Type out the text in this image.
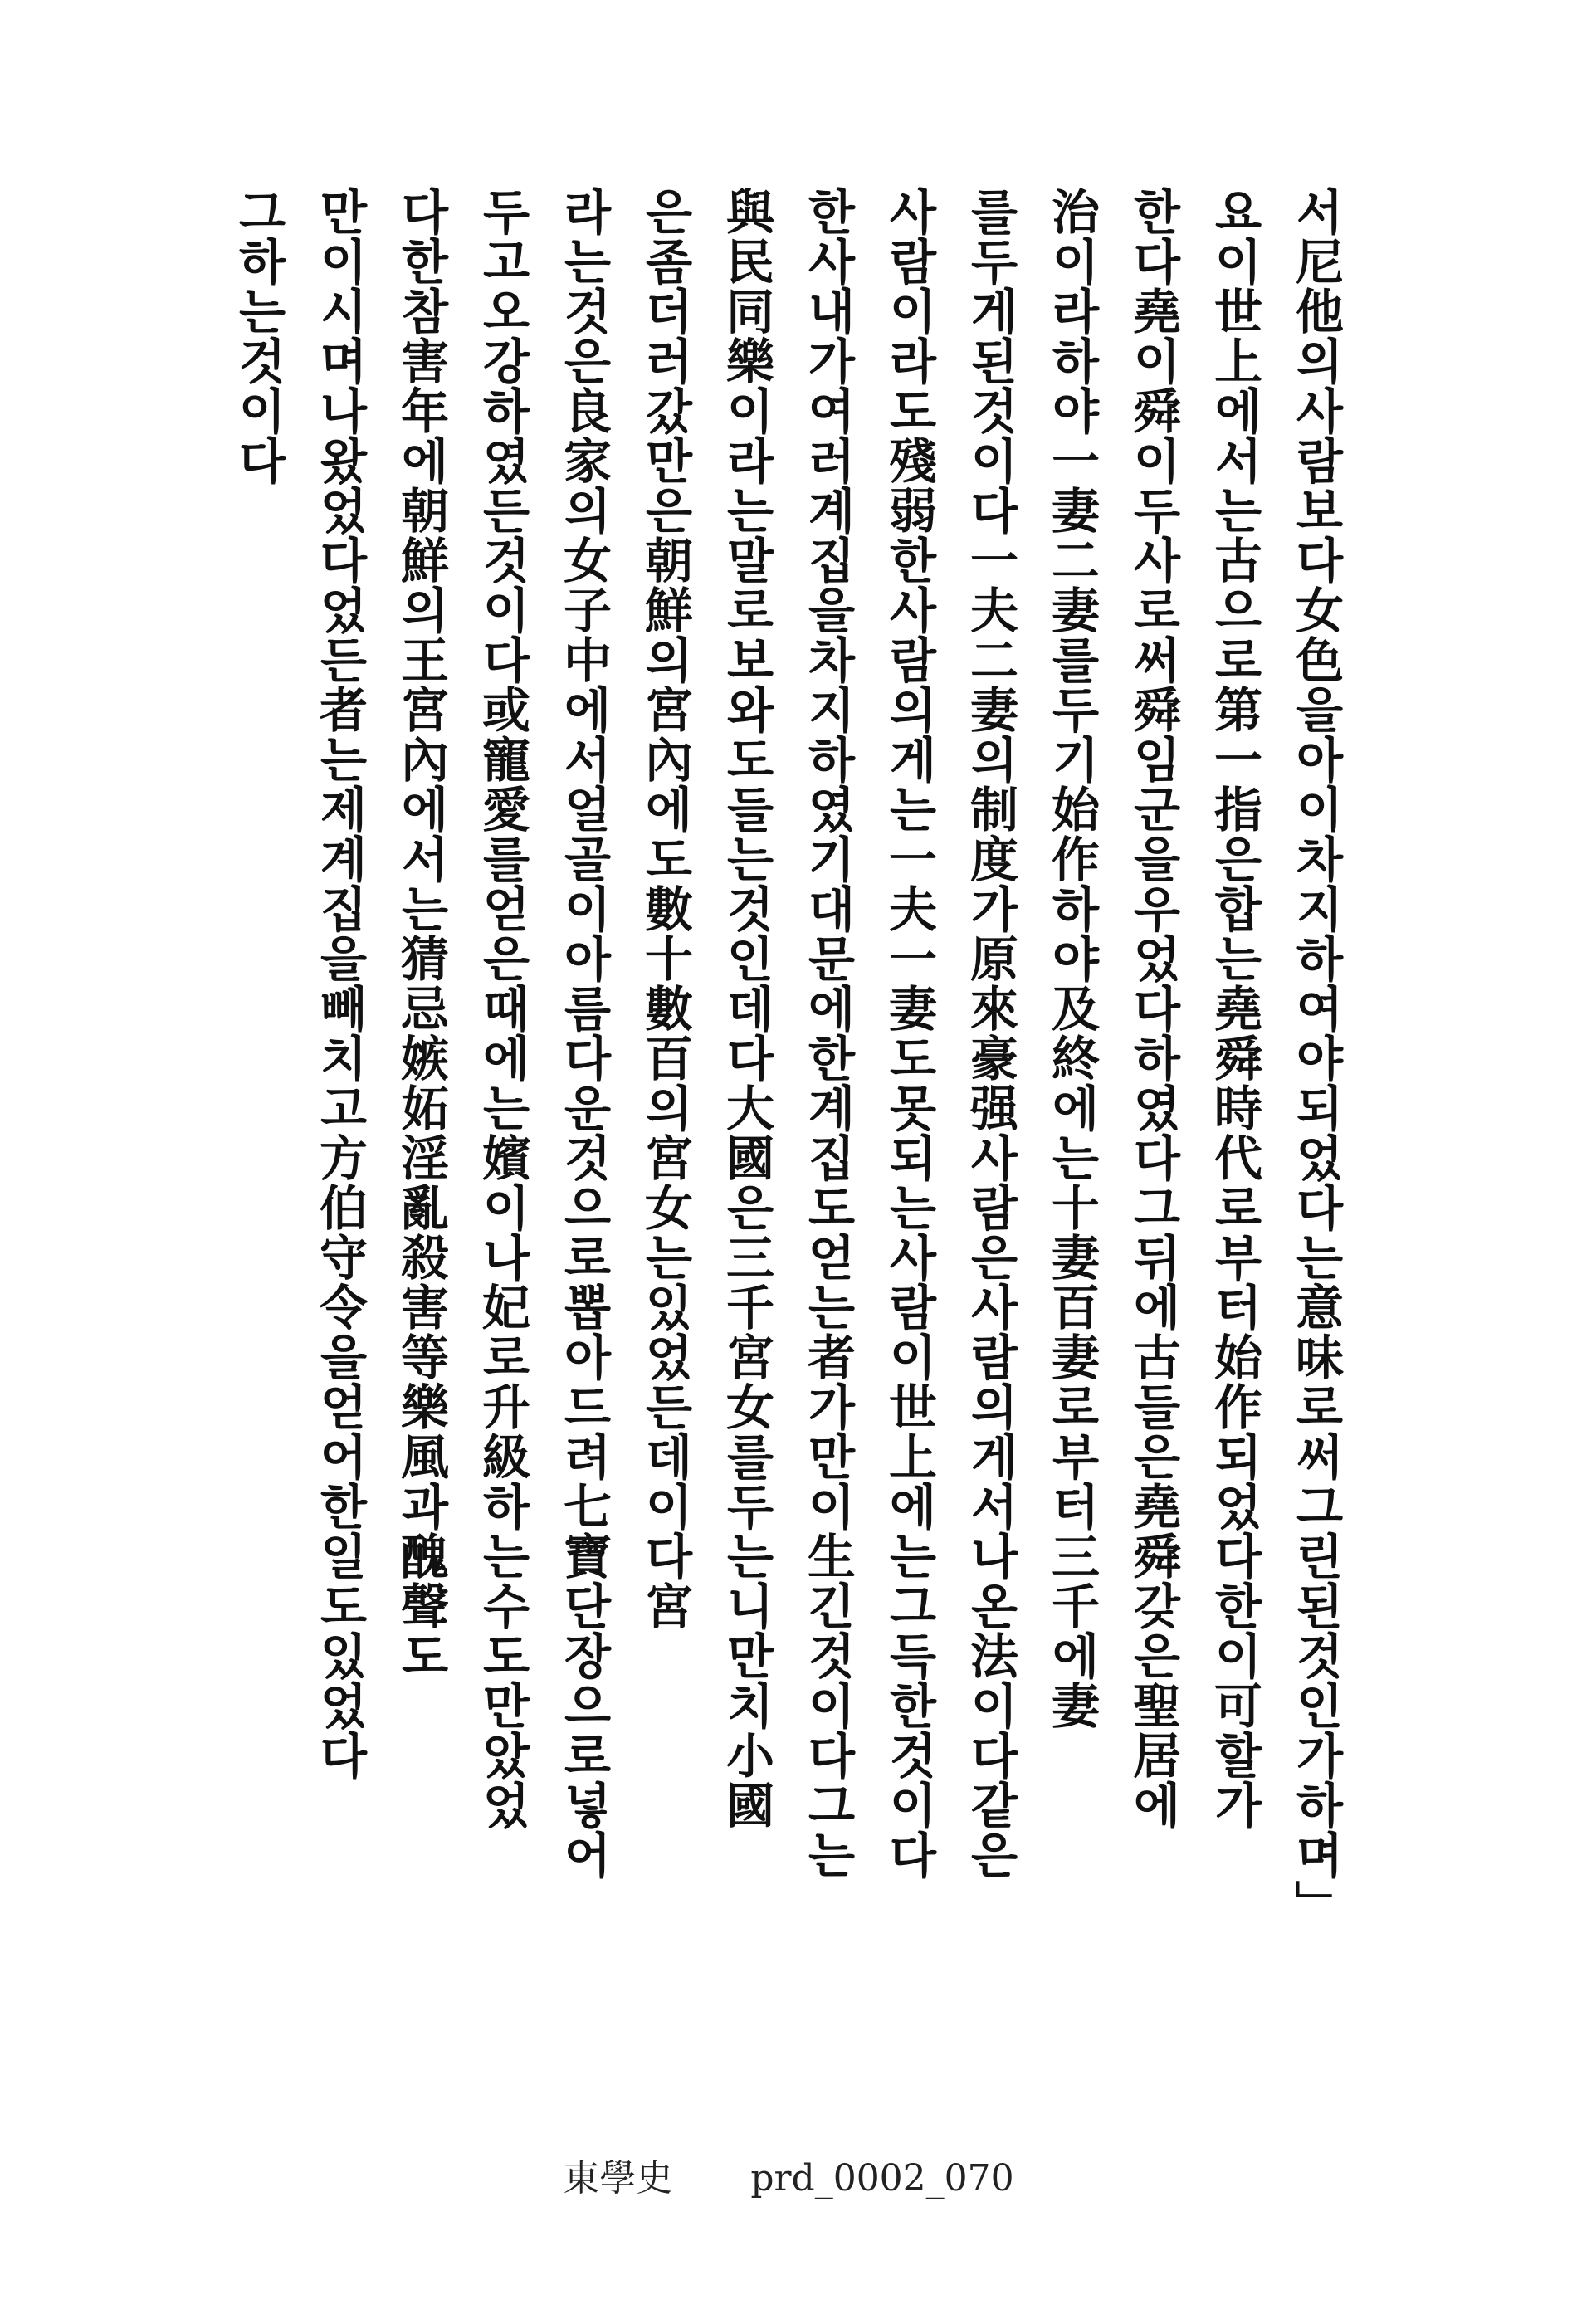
서尼他의사람보다女色을아이차지하여야되었다는意味로써그린된것인가하며」
요이世上에서는古으로第一指은합는堯舜時代로부터始作되었다한이可할가
한다堯이舜이두사로써舜임군을우었다하였다그뒤에古들은堯舜갖은聖居에
治이라하야一妻二妻를두기始作하야及終에는十妻百妻로부터三千에妻
를두게된것이다一夫二妻의制度가原來豪强사람은사람의게서나온法이다같은
사람이라도殘弱한사람의게는一夫一妻도못되는사람이世上에는그득한것이다
한사내가여러계집을차지하였기대문에한계집도얻는者가만이生긴것이다그는
與民同樂이라는말로보와도들는것인데다大國은三千宮女를두는니만치小國
은좀더러갔만은朝鮮의宮內에도數十數百의宮女는있었든데이다宮
라는것은良家의女子中에서얼골이아름다운것으로뽑아드려七寶단장으로넣어
두고오강하였든것이다或寵愛를얻은때에는嬪이나妃로升級하는수도만았었
다한참害年에朝鮮의王宮內에서는猜忌嫉妬淫亂殺害等樂風과醜聲도
만이시며나왔었다었든者는제계집을빼치고方伯守令을얻어한일도있었다
그하는것이다
東學史 prd_0002_070
